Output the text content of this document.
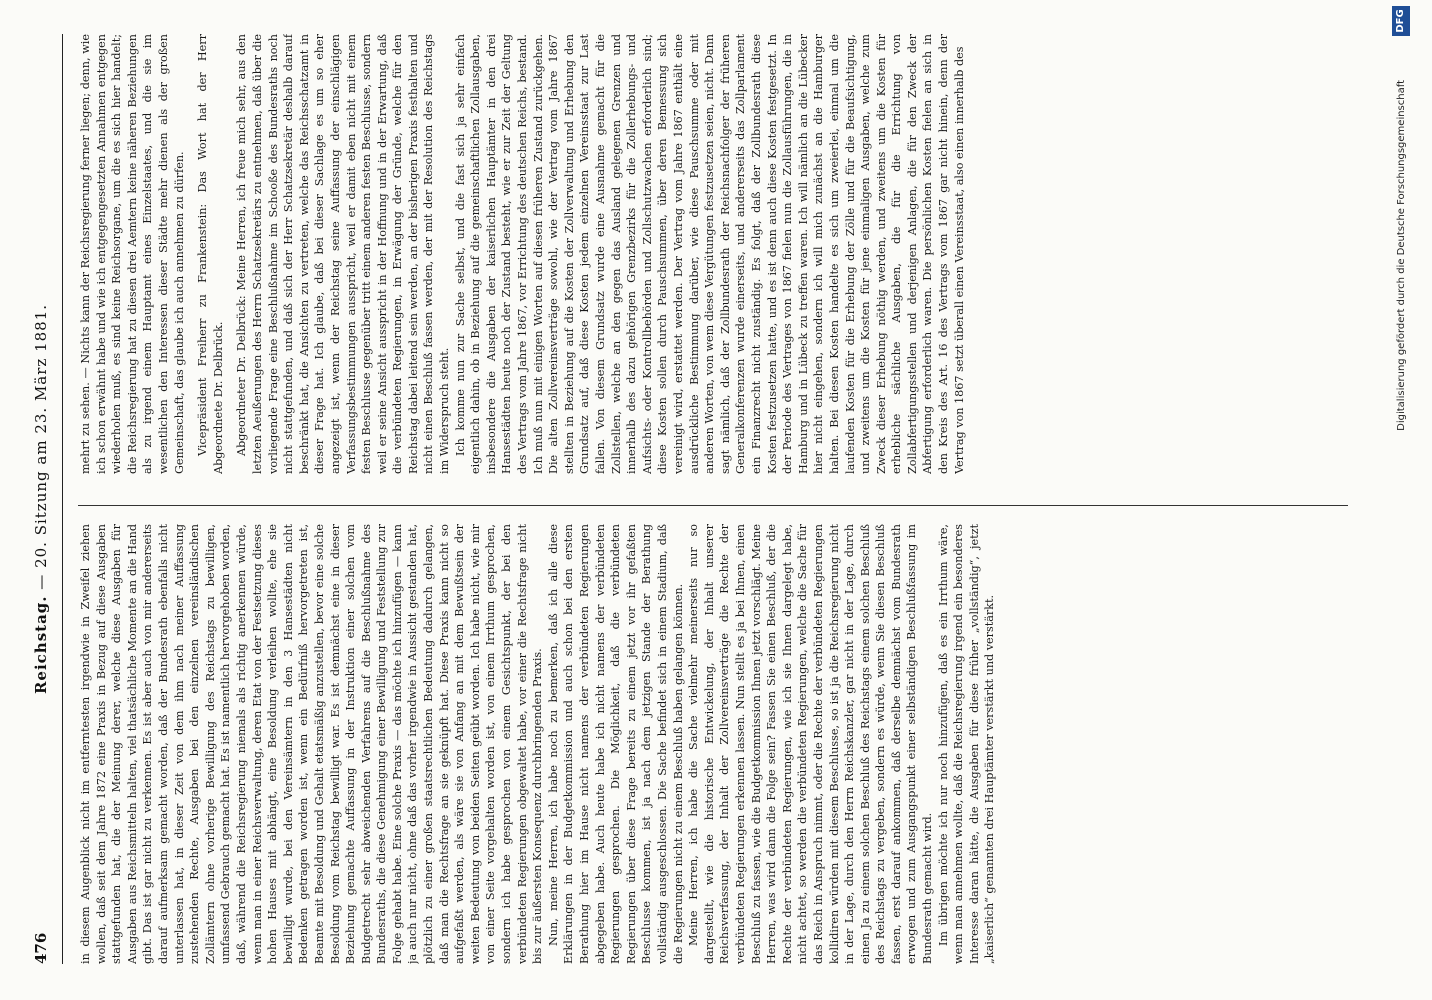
476
Reichstag. — 20. Sitzung am 23. März 1881.

in diesem Augenblick nicht im entferntesten irgendwie in Zweifel ziehen wollen, daß seit dem Jahre 1872 eine Praxis in Bezug auf diese Ausgaben stattgefunden hat, die der Meinung derer, welche diese Ausgaben für Ausgaben aus Reichsmitteln halten, viel thatsächliche Momente an die Hand gibt. Das ist gar nicht zu verkennen. Es ist aber auch von mir andererseits darauf aufmerksam gemacht worden, daß der Bundesrath ebenfalls nicht unterlassen hat, in dieser Zeit von dem ihm nach meiner Auffassung zustehenden Rechte, Ausgaben bei den einzelnen vereinsländischen Zollämtern ohne vorherige Bewilligung des Reichstags zu bewilligen, umfassend Gebrauch gemacht hat. Es ist namentlich hervorgehoben worden, daß, während die Reichsregierung niemals als richtig anerkennen würde, wenn man in einer Reichsverwaltung, deren Etat von der Festsetzung dieses hohen Hauses mit abhängt, eine Besoldung verleihen wollte, ehe sie bewilligt wurde, bei den Vereinsämtern in den 3 Hansestädten nicht Bedenken getragen worden ist, wenn ein Bedürfniß hervorgetreten ist, Beamte mit Besoldung und Gehalt etatsmäßig anzustellen, bevor eine solche Besoldung vom Reichstag bewilligt war. Es ist demnächst eine in dieser Beziehung gemachte Auffassung in der Instruktion einer solchen vom Budgetrecht sehr abweichenden Verfahrens auf die Beschlußnahme des Bundesraths, die diese Genehmigung einer Bewilligung und Feststellung zur Folge gehabt habe. Eine solche Praxis — das möchte ich hinzufügen — kann ja auch nur nicht, ohne daß das vorher irgendwie in Aussicht gestanden hat, plötzlich zu einer großen staatsrechtlichen Bedeutung dadurch gelangen, daß man die Rechtsfrage an sie geknüpft hat. Diese Praxis kann nicht so aufgefaßt werden, als wäre sie von Anfang an mit dem Bewußtsein der weiten Bedeutung von beiden Seiten geübt worden. Ich habe nicht, wie mir von einer Seite vorgehalten worden ist, von einem Irrthum gesprochen, sondern ich habe gesprochen von einem Gesichtspunkt, der bei den verbündeten Regierungen obgewaltet habe, vor einer die Rechtsfrage nicht bis zur äußersten Konsequenz durchbringenden Praxis. Nun, meine Herren, ich habe noch zu bemerken, daß ich alle diese Erklärungen in der Budgetkommission und auch schon bei den ersten Berathung hier im Hause nicht namens der verbündeten Regierungen abgegeben habe. Auch heute habe ich nicht namens der verbündeten Regierungen gesprochen. Die Möglichkeit, daß die verbündeten Regierungen über diese Frage bereits zu einem jetzt vor ihr gefaßten Beschlusse kommen, ist ja nach dem jetzigen Stande der Berathung vollständig ausgeschlossen. Die Sache befindet sich in einem Stadium, daß die Regierungen nicht zu einem Beschluß haben gelangen können. Meine Herren, ich habe die Sache vielmehr meinerseits nur so dargestellt, wie die historische Entwickelung, der Inhalt unserer Reichsverfassung, der Inhalt der Zollvereinsverträge die Rechte der verbündeten Regierungen erkennen lassen. Nun stellt es ja bei Ihnen, einen Beschluß zu fassen, wie die Budgetkommission Ihnen jetzt vorschlägt. Meine Herren, was wird dann die Folge sein? Fassen Sie einen Beschluß, der die Rechte der verbündeten Regierungen, wie ich sie Ihnen dargelegt habe, nicht achtet, so werden die verbündeten Regierungen, welche die Sache für das Reich in Anspruch nimmt, oder die Rechte der verbündeten Regierungen kollidiren würden mit diesem Beschlusse, so ist ja die Reichsregierung nicht in der Lage, durch den Herrn Reichskanzler, gar nicht in der Lage, durch einen Ja zu einem solchen Beschluß des Reichstags einem solchen Beschluß des Reichstags zu vergeben, sondern es würde, wenn Sie diesen Beschluß fassen, erst darauf ankommen, daß derselbe demnächst vom Bundesrath erwogen und zum Ausgangspunkt einer selbständigen Beschlußfassung im Bundesrath gemacht wird. Im übrigen möchte ich nur noch hinzufügen, daß es ein Irrthum wäre, wenn man annehmen wollte, daß die Reichsregierung irgend ein besonderes Interesse daran hätte, die Ausgaben für diese früher „vollständig“, jetzt „kaiserlich“ genannten drei Hauptämter verstärkt und verstärkt.

mehrt zu sehen. — Nichts kann der Reichsregierung ferner liegen; denn, wie ich schon erwähnt habe und wie ich entgegengesetzten Annahmen entgegen wiederholen muß, es sind keine Reichsorgane, um die es sich hier handelt; die Reichsregierung hat zu diesen drei Aemtern keine näheren Beziehungen als zu irgend einem Hauptamt eines Einzelstaates, und die sie im wesentlichen den Interessen dieser Städte mehr dienen als der großen Gemeinschaft, das glaube ich auch annehmen zu dürfen. Vicepräsident Freiherr zu Frankenstein: Das Wort hat der Herr Abgeordnete Dr. Delbrück. Abgeordneter Dr. Delbrück: Meine Herren, ich freue mich sehr, aus den letzten Aeußerungen des Herrn Schatzsekretärs zu entnehmen, daß über die vorliegende Frage eine Beschlußnahme im Schooße des Bundesraths noch nicht stattgefunden, und daß sich der Herr Schatzsekretär deshalb darauf beschränkt hat, die Ansichten zu vertreten, welche das Reichsschatzamt in dieser Frage hat. Ich glaube, daß bei dieser Sachlage es um so eher angezeigt ist, wenn der Reichstag seine Auffassung der einschlägigen Verfassungsbestimmungen ausspricht, weil er damit eben nicht mit einem festen Beschlusse gegenüber tritt einem anderen festen Beschlusse, sondern weil er seine Ansicht ausspricht in der Hoffnung und in der Erwartung, daß die verbündeten Regierungen, in Erwägung der Gründe, welche für den Reichstag dabei leitend sein werden, an der bisherigen Praxis festhalten und nicht einen Beschluß fassen werden, der mit der Resolution des Reichstags im Widerspruch steht. Ich komme nun zur Sache selbst, und die fast sich ja sehr einfach eigentlich dahin, ob in Beziehung auf die gemeinschaftlichen Zollausgaben, insbesondere die Ausgaben der kaiserlichen Hauptämter in den drei Hansestädten heute noch der Zustand besteht, wie er zur Zeit der Geltung des Vertrags vom Jahre 1867, vor Errichtung des deutschen Reichs, bestand. Ich muß nun mit einigen Worten auf diesen früheren Zustand zurückgehen. Die alten Zollvereinsverträge sowohl, wie der Vertrag vom Jahre 1867 stellten in Beziehung auf die Kosten der Zollverwaltung und Erhebung den Grundsatz auf, daß diese Kosten jedem einzelnen Vereinsstaat zur Last fallen. Von diesem Grundsatz wurde eine Ausnahme gemacht für die Zollstellen, welche an den gegen das Ausland gelegenen Grenzen und innerhalb des dazu gehörigen Grenzbezirks für die Zollerhebungs- und Aufsichts- oder Kontrollbehörden und Zollschutzwachen erforderlich sind; diese Kosten sollen durch Pauschsummen, über deren Bemessung sich vereinigt wird, erstattet werden. Der Vertrag vom Jahre 1867 enthält eine ausdrückliche Bestimmung darüber, wie diese Pauschsumme oder mit anderen Worten, von wem diese Vergütungen festzusetzen seien, nicht. Dann sagt nämlich, daß der Zollbundesrath der Reichsnachfolger der früheren Generalkonferenzen wurde einerseits, und andererseits das Zollparlament ein Finanzrecht nicht zuständig. Es folgt, daß der Zollbundesrath diese Kosten festzusetzen hatte, und es ist denn auch diese Kosten festgesetzt. In der Periode des Vertrages von 1867 fielen nun die Zollausführungen, die in Hamburg und in Lübeck zu treffen waren. Ich will nämlich an die Lübecker hier nicht eingehen, sondern ich will mich zunächst an die Hamburger halten. Bei diesen Kosten handelte es sich um zweierlei, einmal um die laufenden Kosten für die Erhebung der Zölle und für die Beaufsichtigung, und zweitens um die Kosten für jene einmaligen Ausgaben, welche zum Zweck dieser Erhebung nöthig werden, und zweitens um die Kosten für erhebliche sächliche Ausgaben, die für die Errichtung von Zollabfertigungsstellen und derjenigen Anlagen, die für den Zweck der Abfertigung erforderlich waren. Die persönlichen Kosten fielen an sich in den Kreis des Art. 16 des Vertrags vom 1867 gar nicht hinein, denn der Vertrag von 1867 setzt überall einen Vereinsstaat, also einen innerhalb des	Digitalisierung gefördert durch die Deutsche Forschungsgemeinschaft
DFG
